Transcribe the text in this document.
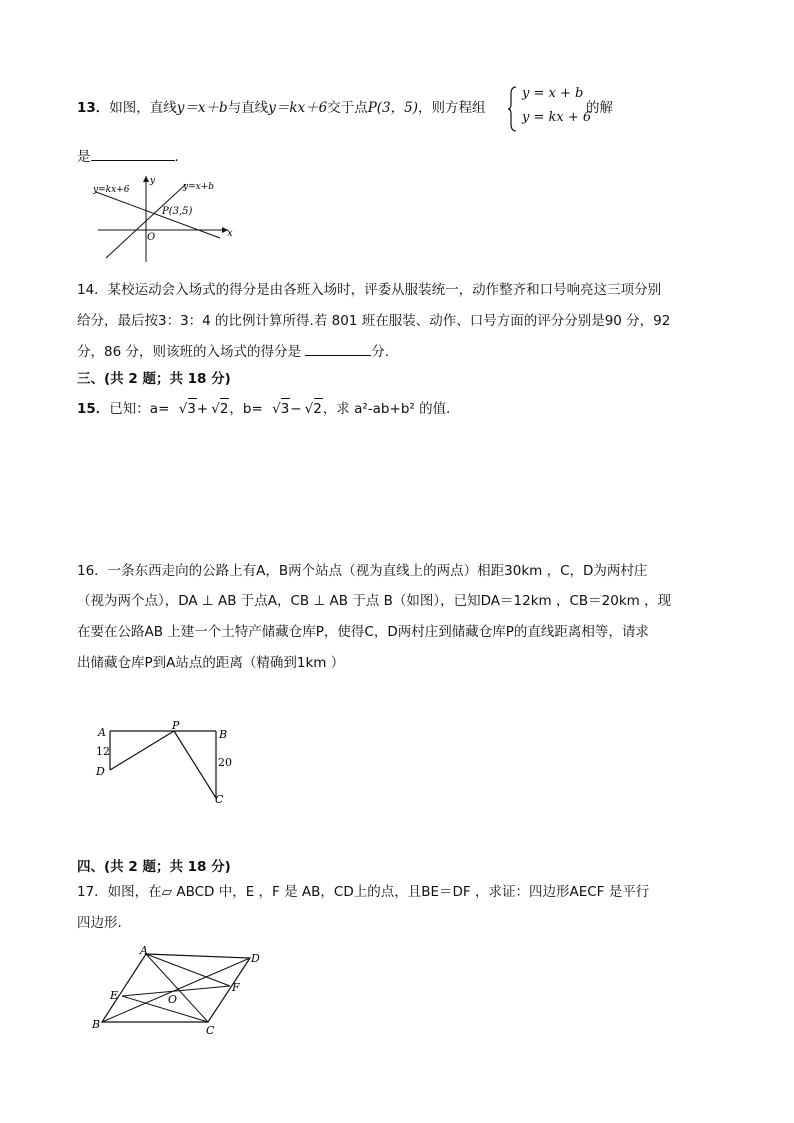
13．如图，直线y＝x＋b与直线y＝kx＋6交于点P(3，5)，则方程组
y = x + b
y = kx + 6
的解
是	.
y=kx+6	y=x+b
P(3,5)
O	x
y
14．某校运动会入场式的得分是由各班入场时，评委从服装统一，动作整齐和口号响亮这三项分别
给分，最后按3：3：4 的比例计算所得.若 801 班在服装、动作、口号方面的评分分别是90 分，92
分，86 分，则该班的入场式的得分是	分.
三、(共 2 题；共 18 分)
15．已知：a= √3+ √2，b= √3− √2，求 a²-ab+b² 的值．
16．一条东西走向的公路上有A，B两个站点（视为直线上的两点）相距30km ，C，D为两村庄
（视为两个点），DA ⊥ AB 于点A，CB ⊥ AB 于点 B（如图），已知DA＝12km ，CB＝20km ，现
在要在公路AB 上建一个土特产储藏仓库P，使得C，D两村庄到储藏仓库P的直线距离相等，请求
出储藏仓库P到A站点的距离（精确到1km ）
A
P
B
D
C
12
20
四、(共 2 题；共 18 分)
17．如图，在▱ ABCD 中，E ，F 是 AB，CD上的点，且BE＝DF ，求证：四边形AECF 是平行
四边形.
A
D
E	O
F
B	C
